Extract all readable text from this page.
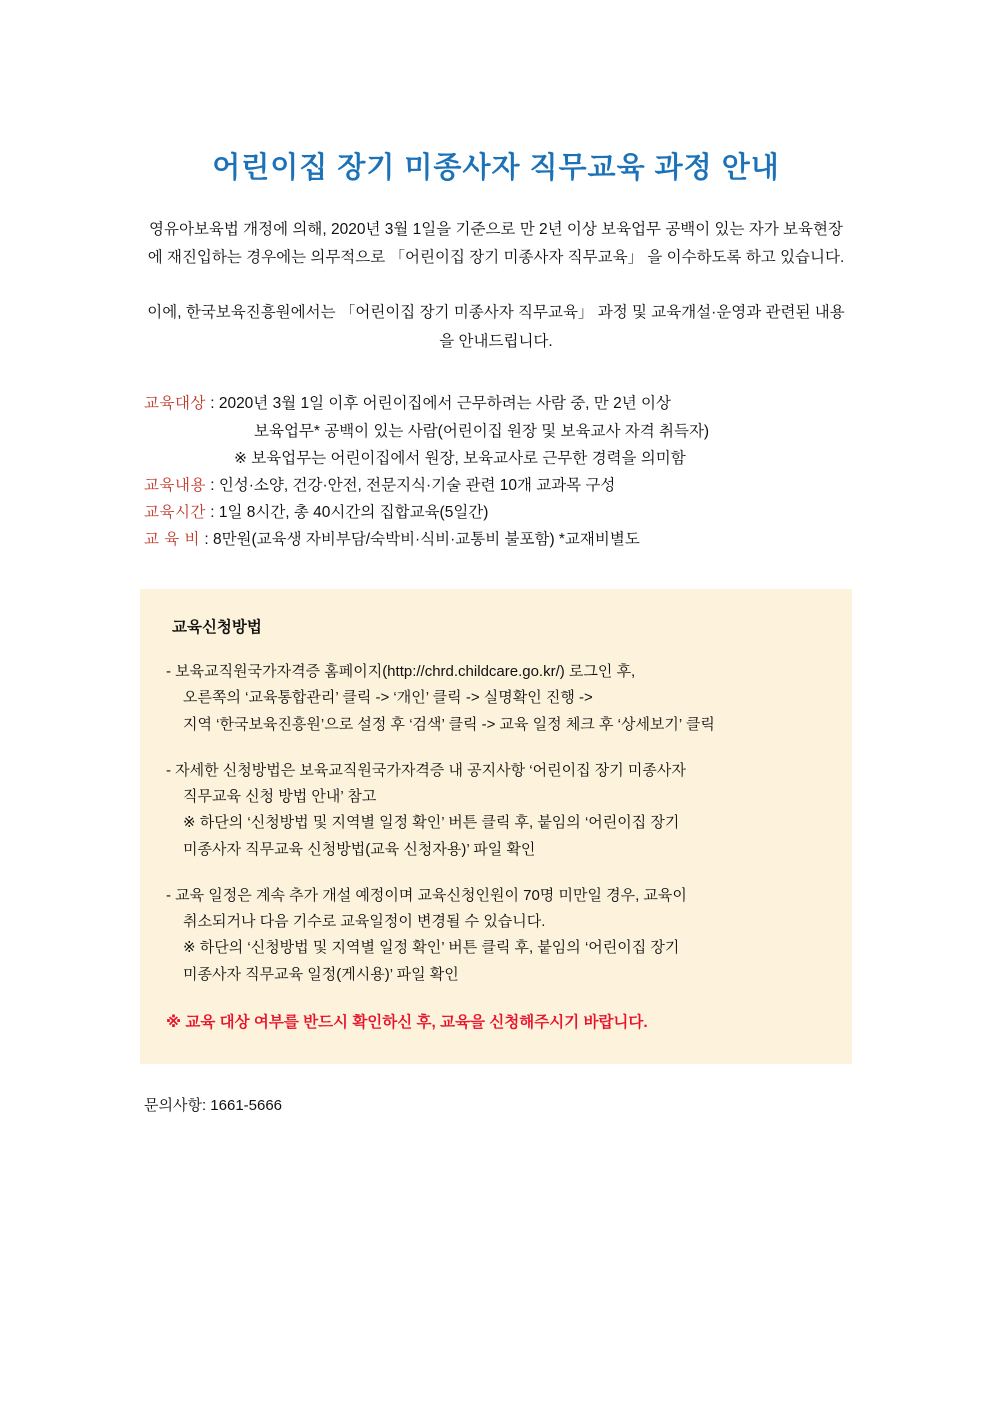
어린이집 장기 미종사자 직무교육 과정 안내

영유아보육법 개정에 의해, 2020년 3월 1일을 기준으로 만 2년 이상 보육업무 공백이 있는 자가 보육현장에 재진입하는 경우에는 의무적으로 「어린이집 장기 미종사자 직무교육」 을 이수하도록 하고 있습니다.

이에, 한국보육진흥원에서는 「어린이집 장기 미종사자 직무교육」 과정 및 교육개설·운영과 관련된 내용을 안내드립니다.

교육대상 : 2020년 3월 1일 이후 어린이집에서 근무하려는 사람 중, 만 2년 이상
보육업무* 공백이 있는 사람(어린이집 원장 및 보육교사 자격 취득자)
※ 보육업무는 어린이집에서 원장, 보육교사로 근무한 경력을 의미함
교육내용 : 인성·소양, 건강·안전, 전문지식·기술 관련 10개 교과목 구성
교육시간 : 1일 8시간, 총 40시간의 집합교육(5일간)
교 육 비 : 8만원(교육생 자비부담/숙박비·식비·교통비 불포함) *교재비별도
교육신청방법
- 보육교직원국가자격증 홈페이지(http://chrd.childcare.go.kr/) 로그인 후,
오른쪽의 ‘교육통합관리’ 클릭 -> ‘개인’ 클릭 -> 실명확인 진행 ->
지역 ‘한국보육진흥원’으로 설정 후 ‘검색’ 클릭 -> 교육 일정 체크 후 ‘상세보기’ 클릭
- 자세한 신청방법은 보육교직원국가자격증 내 공지사항 ‘어린이집 장기 미종사자
직무교육 신청 방법 안내’ 참고
※ 하단의 ‘신청방법 및 지역별 일정 확인’ 버튼 클릭 후, 붙임의 ‘어린이집 장기
미종사자 직무교육 신청방법(교육 신청자용)’ 파일 확인
- 교육 일정은 계속 추가 개설 예정이며 교육신청인원이 70명 미만일 경우, 교육이
취소되거나 다음 기수로 교육일정이 변경될 수 있습니다.
※ 하단의 ‘신청방법 및 지역별 일정 확인’ 버튼 클릭 후, 붙임의 ‘어린이집 장기
미종사자 직무교육 일정(게시용)’ 파일 확인
※ 교육 대상 여부를 반드시 확인하신 후, 교육을 신청해주시기 바랍니다.
문의사항: 1661-5666
